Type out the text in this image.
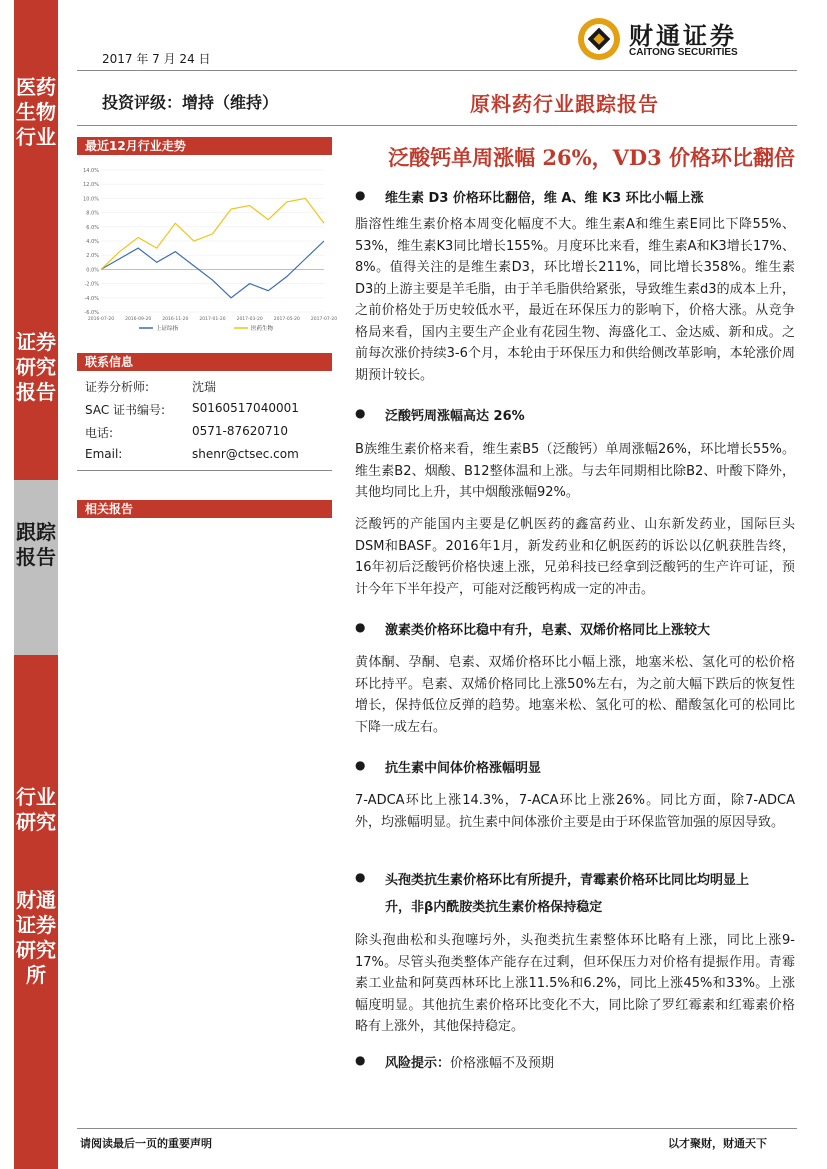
医药生物行业
证券研究报告
跟踪报告
行业研究
财通证券研究所
2017 年 7 月 24 日
财通证券
CAITONG SECURITIES
投资评级：增持（维持）	原料药行业跟踪报告
最近12月行业走势
14.0%
12.0%
10.0%
8.0%
6.0%
4.0%
2.0%
0.0%
-2.0%
-4.0%
-6.0%
2016-07-20 2016-09-20 2016-11-20 2017-01-20 2017-03-20 2017-05-20 2017-07-20
上证综指	医药生物
联系信息
证券分析师:	沈瑞
SAC 证书编号: S0160517040001
电话:	0571-87620710
Email:	shenr@ctsec.com
相关报告
泛酸钙单周涨幅 26%，VD3 价格环比翻倍
● 维生素 D3 价格环比翻倍，维 A、维 K3 环比小幅上涨
脂溶性维生素价格本周变化幅度不大。维生素A和维生素E同比下降55%、53%，维生素K3同比增长155%。月度环比来看，维生素A和K3增长17%、8%。值得关注的是维生素D3，环比增长211%，同比增长358%。维生素D3的上游主要是羊毛脂，由于羊毛脂供给紧张，导致维生素d3的成本上升，之前价格处于历史较低水平，最近在环保压力的影响下，价格大涨。从竞争格局来看，国内主要生产企业有花园生物、海盛化工、金达威、新和成。之前每次涨价持续3-6个月，本轮由于环保压力和供给侧改革影响，本轮涨价周期预计较长。
● 泛酸钙周涨幅高达 26%
B族维生素价格来看，维生素B5（泛酸钙）单周涨幅26%，环比增长55%。维生素B2、烟酸、B12整体温和上涨。与去年同期相比除B2、叶酸下降外，其他均同比上升，其中烟酸涨幅92%。
泛酸钙的产能国内主要是亿帆医药的鑫富药业、山东新发药业，国际巨头DSM和BASF。2016年1月，新发药业和亿帆医药的诉讼以亿帆获胜告终，16年初后泛酸钙价格快速上涨，兄弟科技已经拿到泛酸钙的生产许可证，预计今年下半年投产，可能对泛酸钙构成一定的冲击。
● 激素类价格环比稳中有升，皂素、双烯价格同比上涨较大
黄体酮、孕酮、皂素、双烯价格环比小幅上涨，地塞米松、氢化可的松价格环比持平。皂素、双烯价格同比上涨50%左右，为之前大幅下跌后的恢复性增长，保持低位反弹的趋势。地塞米松、氢化可的松、醋酸氢化可的松同比下降一成左右。
● 抗生素中间体价格涨幅明显
7-ADCA环比上涨14.3%，7-ACA环比上涨26%。同比方面，除7-ADCA外，均涨幅明显。抗生素中间体涨价主要是由于环保监管加强的原因导致。
● 头孢类抗生素价格环比有所提升，青霉素价格环比同比均明显上
升，非β内酰胺类抗生素价格保持稳定
除头孢曲松和头孢噻圬外，头孢类抗生素整体环比略有上涨，同比上涨9-17%。尽管头孢类整体产能存在过剩，但环保压力对价格有提振作用。青霉素工业盐和阿莫西林环比上涨11.5%和6.2%，同比上涨45%和33%。上涨幅度明显。其他抗生素价格环比变化不大，同比除了罗红霉素和红霉素价格略有上涨外，其他保持稳定。
● 风险提示：价格涨幅不及预期
请阅读最后一页的重要声明	以才聚财，财通天下
